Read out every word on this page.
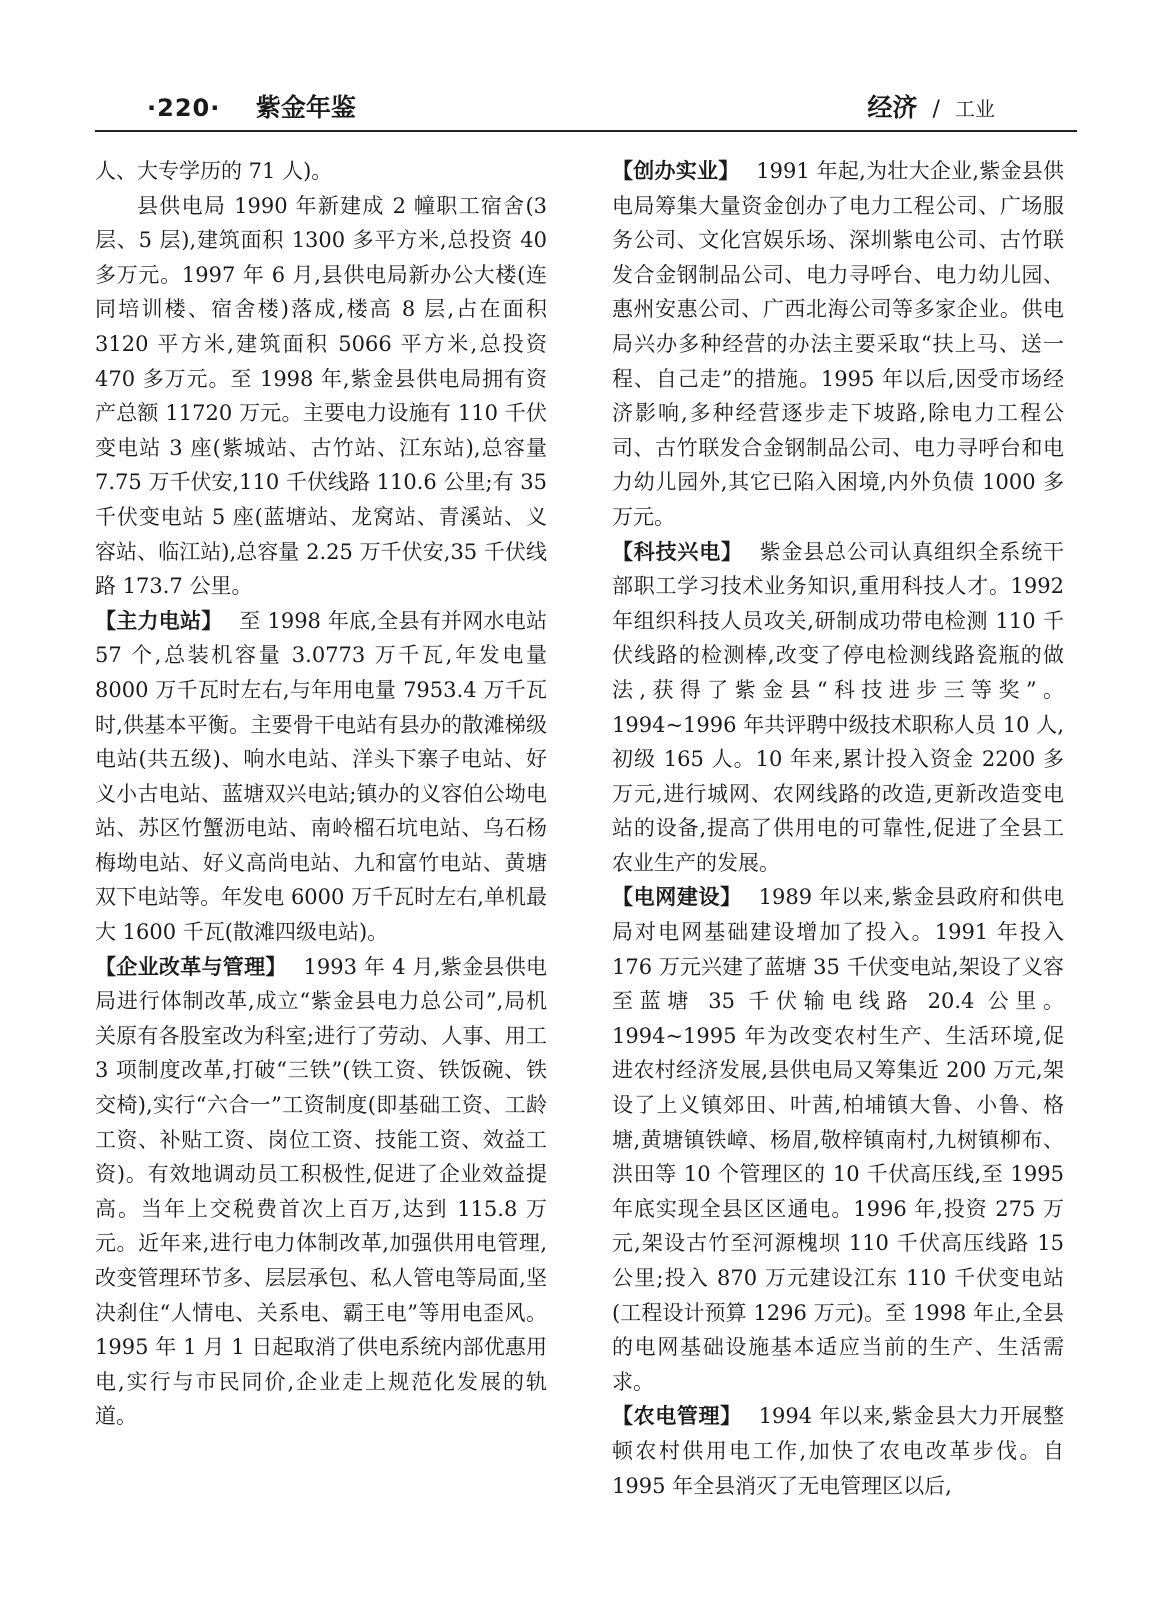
·220· 紫金年鉴	经济 / 工业

人、大专学历的 71 人)。

县供电局 1990 年新建成 2 幢职工宿舍(3 层、5 层),建筑面积 1300 多平方米,总投资 40 多万元。1997 年 6 月,县供电局新办公大楼(连同培训楼、宿舍楼)落成,楼高 8 层,占在面积 3120 平方米,建筑面积 5066 平方米,总投资 470 多万元。至 1998 年,紫金县供电局拥有资产总额 11720 万元。主要电力设施有 110 千伏变电站 3 座(紫城站、古竹站、江东站),总容量 7.75 万千伏安,110 千伏线路 110.6 公里;有 35 千伏变电站 5 座(蓝塘站、龙窝站、青溪站、义容站、临江站),总容量 2.25 万千伏安,35 千伏线路 173.7 公里。

【主力电站】 至 1998 年底,全县有并网水电站 57 个,总装机容量 3.0773 万千瓦,年发电量 8000 万千瓦时左右,与年用电量 7953.4 万千瓦时,供基本平衡。主要骨干电站有县办的散滩梯级电站(共五级)、响水电站、洋头下寨子电站、好义小古电站、蓝塘双兴电站;镇办的义容伯公坳电站、苏区竹蟹沥电站、南岭榴石坑电站、乌石杨梅坳电站、好义高尚电站、九和富竹电站、黄塘双下电站等。年发电 6000 万千瓦时左右,单机最大 1600 千瓦(散滩四级电站)。

【企业改革与管理】 1993 年 4 月,紫金县供电局进行体制改革,成立“紫金县电力总公司”,局机关原有各股室改为科室;进行了劳动、人事、用工 3 项制度改革,打破“三铁”(铁工资、铁饭碗、铁交椅),实行“六合一”工资制度(即基础工资、工龄工资、补贴工资、岗位工资、技能工资、效益工资)。有效地调动员工积极性,促进了企业效益提高。当年上交税费首次上百万,达到 115.8 万元。近年来,进行电力体制改革,加强供用电管理,改变管理环节多、层层承包、私人管电等局面,坚决刹住“人情电、关系电、霸王电”等用电歪风。1995 年 1 月 1 日起取消了供电系统内部优惠用电,实行与市民同价,企业走上规范化发展的轨道。

【创办实业】 1991 年起,为壮大企业,紫金县供电局筹集大量资金创办了电力工程公司、广场服务公司、文化宫娱乐场、深圳紫电公司、古竹联发合金钢制品公司、电力寻呼台、电力幼儿园、惠州安惠公司、广西北海公司等多家企业。供电局兴办多种经营的办法主要采取“扶上马、送一程、自己走”的措施。1995 年以后,因受市场经济影响,多种经营逐步走下坡路,除电力工程公司、古竹联发合金钢制品公司、电力寻呼台和电力幼儿园外,其它已陷入困境,内外负债 1000 多万元。

【科技兴电】 紫金县总公司认真组织全系统干部职工学习技术业务知识,重用科技人才。1992 年组织科技人员攻关,研制成功带电检测 110 千伏线路的检测棒,改变了停电检测线路瓷瓶的做法,获得了紫金县“科技进步三等奖”。 1994~1996 年共评聘中级技术职称人员 10 人,初级 165 人。10 年来,累计投入资金 2200 多万元,进行城网、农网线路的改造,更新改造变电站的设备,提高了供用电的可靠性,促进了全县工农业生产的发展。

【电网建设】 1989 年以来,紫金县政府和供电局对电网基础建设增加了投入。1991 年投入 176 万元兴建了蓝塘 35 千伏变电站,架设了义容至蓝塘 35 千伏输电线路 20.4 公里。1994~1995 年为改变农村生产、生活环境,促进农村经济发展,县供电局又筹集近 200 万元,架设了上义镇郊田、叶茜,柏埔镇大鲁、小鲁、格塘,黄塘镇铁嶂、杨眉,敬梓镇南村,九树镇柳布、洪田等 10 个管理区的 10 千伏高压线,至 1995 年底实现全县区区通电。1996 年,投资 275 万元,架设古竹至河源槐坝 110 千伏高压线路 15 公里;投入 870 万元建设江东 110 千伏变电站(工程设计预算 1296 万元)。至 1998 年止,全县的电网基础设施基本适应当前的生产、生活需求。

【农电管理】 1994 年以来,紫金县大力开展整顿农村供用电工作,加快了农电改革步伐。自 1995 年全县消灭了无电管理区以后,
